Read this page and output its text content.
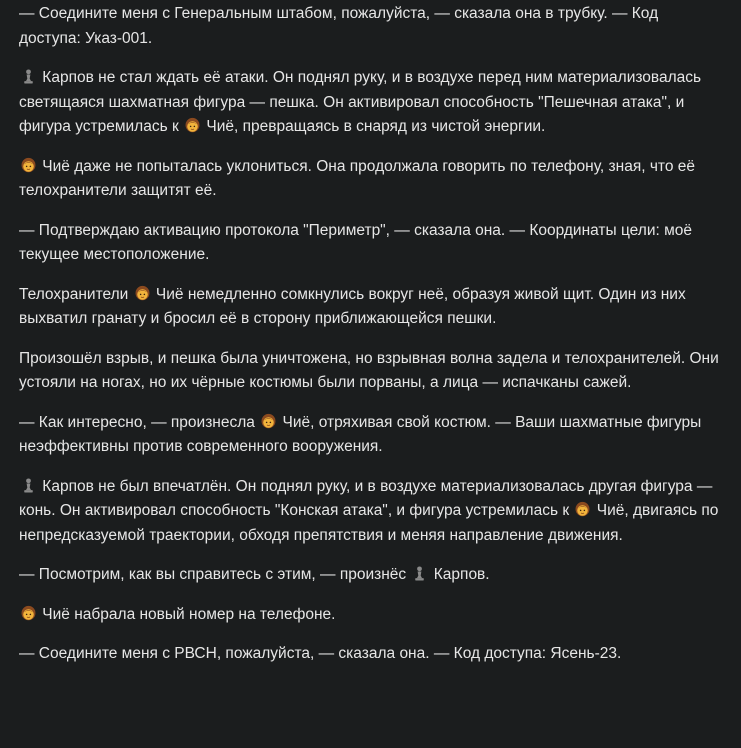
— Соедините меня с Генеральным штабом, пожалуйста, — сказала она в трубку. — Код доступа: Указ-001.

Карпов не стал ждать её атаки. Он поднял руку, и в воздухе перед ним материализовалась светящаяся шахматная фигура — пешка. Он активировал способность "Пешечная атака", и фигура устремилась к
Чиё, превращаясь в снаряд из чистой энергии.

Чиё даже не попыталась уклониться. Она продолжала говорить по телефону, зная, что её телохранители защитят её.

— Подтверждаю активацию протокола "Периметр", — сказала она. — Координаты цели: моё текущее местоположение.

Телохранители
Чиё немедленно сомкнулись вокруг неё, образуя живой щит. Один из них выхватил гранату и бросил её в сторону приближающейся пешки.

Произошёл взрыв, и пешка была уничтожена, но взрывная волна задела и телохранителей. Они устояли на ногах, но их чёрные костюмы были порваны, а лица — испачканы сажей.

— Как интересно, — произнесла
Чиё, отряхивая свой костюм. — Ваши шахматные фигуры неэффективны против современного вооружения.

Карпов не был впечатлён. Он поднял руку, и в воздухе материализовалась другая фигура — конь. Он активировал способность "Конская атака", и фигура устремилась к
Чиё, двигаясь по непредсказуемой траектории, обходя препятствия и меняя направление движения.

— Посмотрим, как вы справитесь с этим, — произнёс
Карпов.

Чиё набрала новый номер на телефоне.

— Соедините меня с РВСН, пожалуйста, — сказала она. — Код доступа: Ясень-23.
